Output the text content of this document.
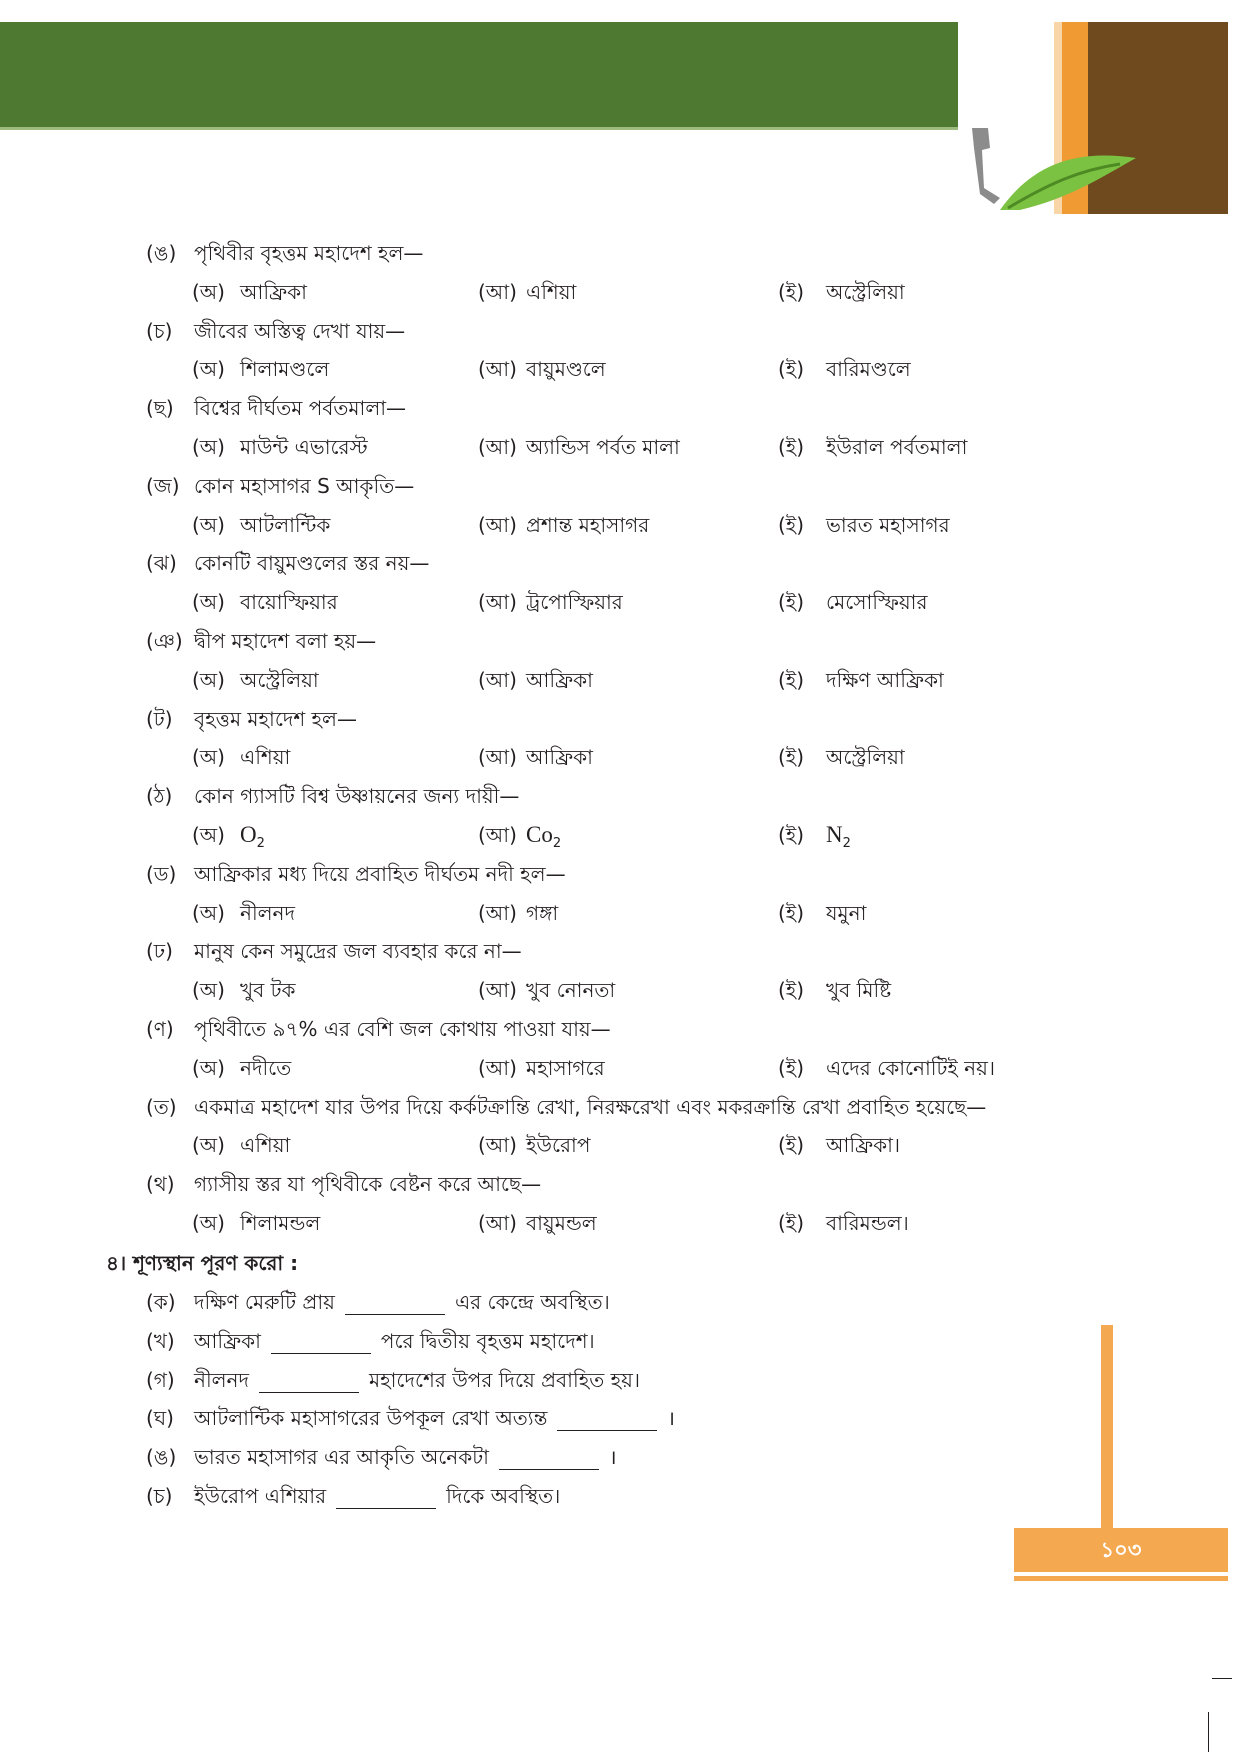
(ঙ) পৃথিবীর বৃহত্তম মহাদেশ হল—
(অ) আফ্রিকা	(আ) এশিয়া	(ই) অস্ট্রেলিয়া
(চ) জীবের অস্তিত্ব দেখা যায়—
(অ) শিলামণ্ডলে	(আ) বায়ুমণ্ডলে	(ই) বারিমণ্ডলে
(ছ) বিশ্বের দীর্ঘতম পর্বতমালা—
(অ) মাউন্ট এভারেস্ট	(আ) অ্যান্ডিস পর্বত মালা	(ই) ইউরাল পর্বতমালা
(জ) কোন মহাসাগর S আকৃতি—
(অ) আটলান্টিক	(আ) প্রশান্ত মহাসাগর	(ই) ভারত মহাসাগর
(ঝ) কোনটি বায়ুমণ্ডলের স্তর নয়—
(অ) বায়োস্ফিয়ার	(আ) ট্রপোস্ফিয়ার	(ই) মেসোস্ফিয়ার
(ঞ) দ্বীপ মহাদেশ বলা হয়—
(অ) অস্ট্রেলিয়া	(আ) আফ্রিকা	(ই) দক্ষিণ আফ্রিকা
(ট) বৃহত্তম মহাদেশ হল—
(অ) এশিয়া	(আ) আফ্রিকা	(ই) অস্ট্রেলিয়া
(ঠ) কোন গ্যাসটি বিশ্ব উষ্ণায়নের জন্য দায়ী—
(অ) $O_2$	(আ) $Co_2$	(ই) $N_2$
(ড) আফ্রিকার মধ্য দিয়ে প্রবাহিত দীর্ঘতম নদী হল—
(অ) নীলনদ	(আ) গঙ্গা	(ই) যমুনা
(ঢ) মানুষ কেন সমুদ্রের জল ব্যবহার করে না—
(অ) খুব টক	(আ) খুব নোনতা	(ই) খুব মিষ্টি
(ণ) পৃথিবীতে ৯৭% এর বেশি জল কোথায় পাওয়া যায়—
(অ) নদীতে	(আ) মহাসাগরে	(ই) এদের কোনোটিই নয়।
(ত) একমাত্র মহাদেশ যার উপর দিয়ে কর্কটক্রান্তি রেখা, নিরক্ষরেখা এবং মকরক্রান্তি রেখা প্রবাহিত হয়েছে—
(অ) এশিয়া	(আ) ইউরোপ	(ই) আফ্রিকা।
(থ) গ্যাসীয় স্তর যা পৃথিবীকে বেষ্টন করে আছে—
(অ) শিলামন্ডল	(আ) বায়ুমন্ডল	(ই) বারিমন্ডল।
৪। শূণ্যস্থান পূরণ করো :
(ক) দক্ষিণ মেরুটি প্রায়	এর কেন্দ্রে অবস্থিত।
(খ) আফ্রিকা	পরে দ্বিতীয় বৃহত্তম মহাদেশ।
(গ) নীলনদ	মহাদেশের উপর দিয়ে প্রবাহিত হয়।
(ঘ) আটলান্টিক মহাসাগরের উপকূল রেখা অত্যন্ত	।
(ঙ) ভারত মহাসাগর এর আকৃতি অনেকটা	।
(চ) ইউরোপ এশিয়ার	দিকে অবস্থিত।
১০৩
